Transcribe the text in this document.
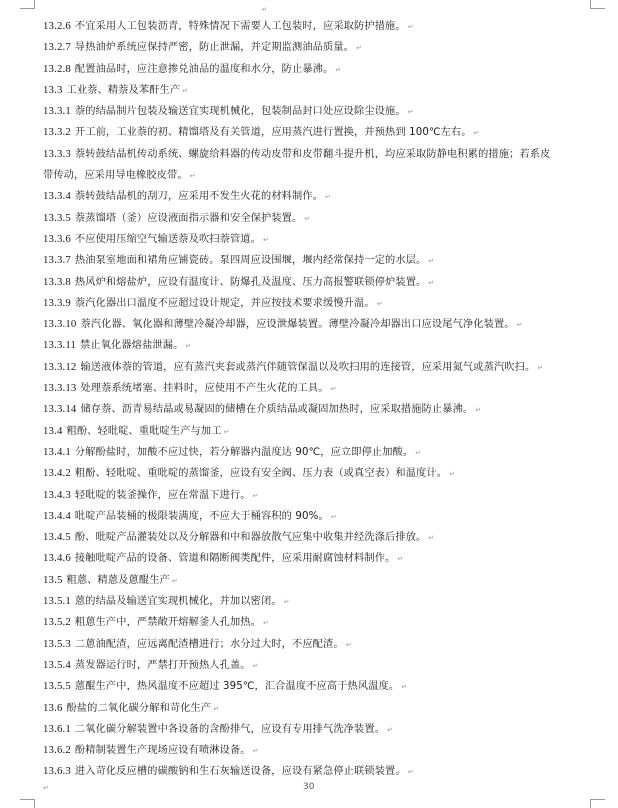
↵
13.2.6 不宜采用人工包装沥青，特殊情况下需要人工包装时，应采取防护措施。 ↵
13.2.7 导热油炉系统应保持严密，防止泄漏，并定期监测油品质量。 ↵
13.2.8 配置油品时，应注意掺兑油品的温度和水分，防止暴沸。 ↵
13.3 工业萘、精萘及苯酐生产 ↵
13.3.1 萘的结晶制片包装及输送宜实现机械化，包装制品封口处应设除尘设施。 ↵
13.3.2 开工前，工业萘的初、精馏塔及有关管道，应用蒸汽进行置换，并预热到 100℃左右。 ↵
13.3.3 萘转鼓结晶机传动系统、螺旋给料器的传动皮带和皮带翻斗提升机，均应采取防静电积累的措施；若系皮
带传动，应采用导电橡胶皮带。 ↵
13.3.4 萘转鼓结晶机的刮刀，应采用不发生火花的材料制作。 ↵
13.3.5 萘蒸馏塔（釜）应设液面指示器和安全保护装置。 ↵
13.3.6 不应使用压缩空气输送萘及吹扫萘管道。 ↵
13.3.7 热油泵室地面和裙角应铺瓷砖。泵四周应设围堰，堰内经常保持一定的水层。 ↵
13.3.8 热风炉和熔盐炉，应设有温度计、防爆孔及温度、压力高报警联锁停炉装置。 ↵
13.3.9 萘汽化器出口温度不应超过设计规定，并应按技术要求缓慢升温。 ↵
13.3.10 萘汽化器、氧化器和薄壁冷凝冷却器，应设泄爆装置。薄壁冷凝冷却器出口应设尾气净化装置。 ↵
13.3.11 禁止氧化器熔盐泄漏。 ↵
13.3.12 输送液体萘的管道，应有蒸汽夹套或蒸汽伴随管保温以及吹扫用的连接管，应采用氮气或蒸汽吹扫。 ↵
13.3.13 处理萘系统堵塞、挂料时，应使用不产生火花的工具。 ↵
13.3.14 储存萘、沥青易结晶或易凝固的储槽在介质结晶或凝固加热时，应采取措施防止暴沸。 ↵
13.4 粗酚、轻吡啶、重吡啶生产与加工 ↵
13.4.1 分解酚盐时，加酸不应过快，若分解器内温度达 90℃，应立即停止加酸。 ↵
13.4.2 粗酚、轻吡啶、重吡啶的蒸馏釜，应设有安全阀、压力表（或真空表）和温度计。 ↵
13.4.3 轻吡啶的装釜操作，应在常温下进行。 ↵
13.4.4 吡啶产品装桶的极限装满度，不应大于桶容积的 90%。 ↵
13.4.5 酚、吡啶产品灌装处以及分解器和中和器放散气应集中收集并经洗涤后排放。 ↵
13.4.6 接触吡啶产品的设备、管道和隔断阀类配件，应采用耐腐蚀材料制作。 ↵
13.5 粗蒽、精蒽及蒽醌生产 ↵
13.5.1 蒽的结晶及输送宜实现机械化，并加以密闭。 ↵
13.5.2 粗蒽生产中，严禁敞开熔解釜人孔加热。 ↵
13.5.3 二蒽油配渣，应远离配渣槽进行；水分过大时，不应配渣。 ↵
13.5.4 蒸发器运行时，严禁打开预热人孔盖。 ↵
13.5.5 蒽醌生产中，热风温度不应超过 395℃，汇合温度不应高于热风温度。 ↵
13.6 酚盐的二氧化碳分解和苛化生产 ↵
13.6.1 二氧化碳分解装置中各设备的含酚排气，应设有专用排气洗净装置。 ↵
13.6.2 酚精制装置生产现场应设有喷淋设备。 ↵
13.6.3 进入苛化反应槽的碳酸钠和生石灰输送设备，应设有紧急停止联锁装置。 ↵
↵	30
